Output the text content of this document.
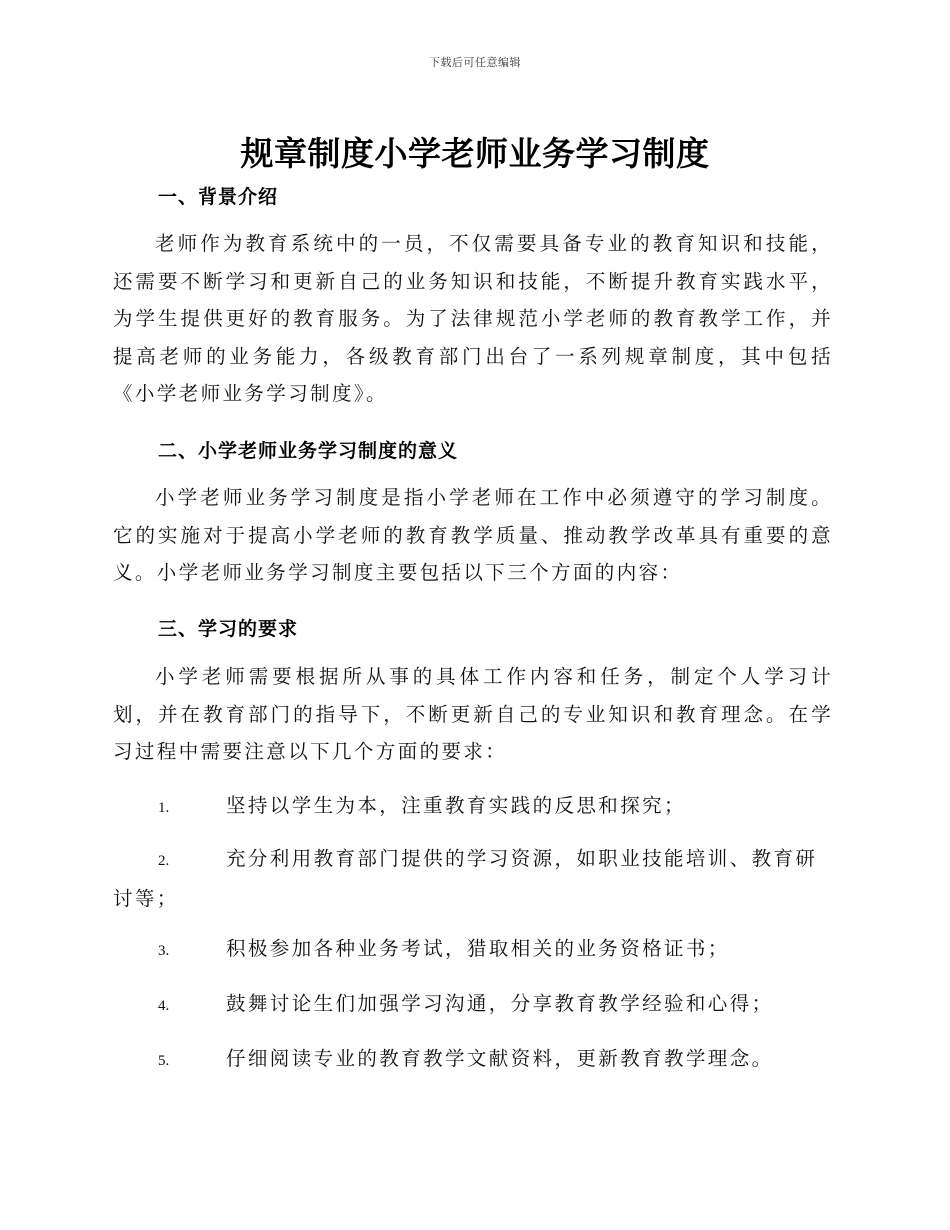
下载后可任意编辑
规章制度小学老师业务学习制度
一、背景介绍

老师作为教育系统中的一员，不仅需要具备专业的教育知识和技能，还需要不断学习和更新自己的业务知识和技能，不断提升教育实践水平，为学生提供更好的教育服务。为了法律规范小学老师的教育教学工作，并提高老师的业务能力，各级教育部门出台了一系列规章制度，其中包括《小学老师业务学习制度》。

二、小学老师业务学习制度的意义

小学老师业务学习制度是指小学老师在工作中必须遵守的学习制度。它的实施对于提高小学老师的教育教学质量、推动教学改革具有重要的意义。小学老师业务学习制度主要包括以下三个方面的内容：

三、学习的要求

小学老师需要根据所从事的具体工作内容和任务，制定个人学习计划，并在教育部门的指导下，不断更新自己的专业知识和教育理念。在学习过程中需要注意以下几个方面的要求：

1.	坚持以学生为本，注重教育实践的反思和探究；

2.	充分利用教育部门提供的学习资源，如职业技能培训、教育研讨等；

3.	积极参加各种业务考试，猎取相关的业务资格证书；

4.	鼓舞讨论生们加强学习沟通，分享教育教学经验和心得；

5.	仔细阅读专业的教育教学文献资料，更新教育教学理念。
